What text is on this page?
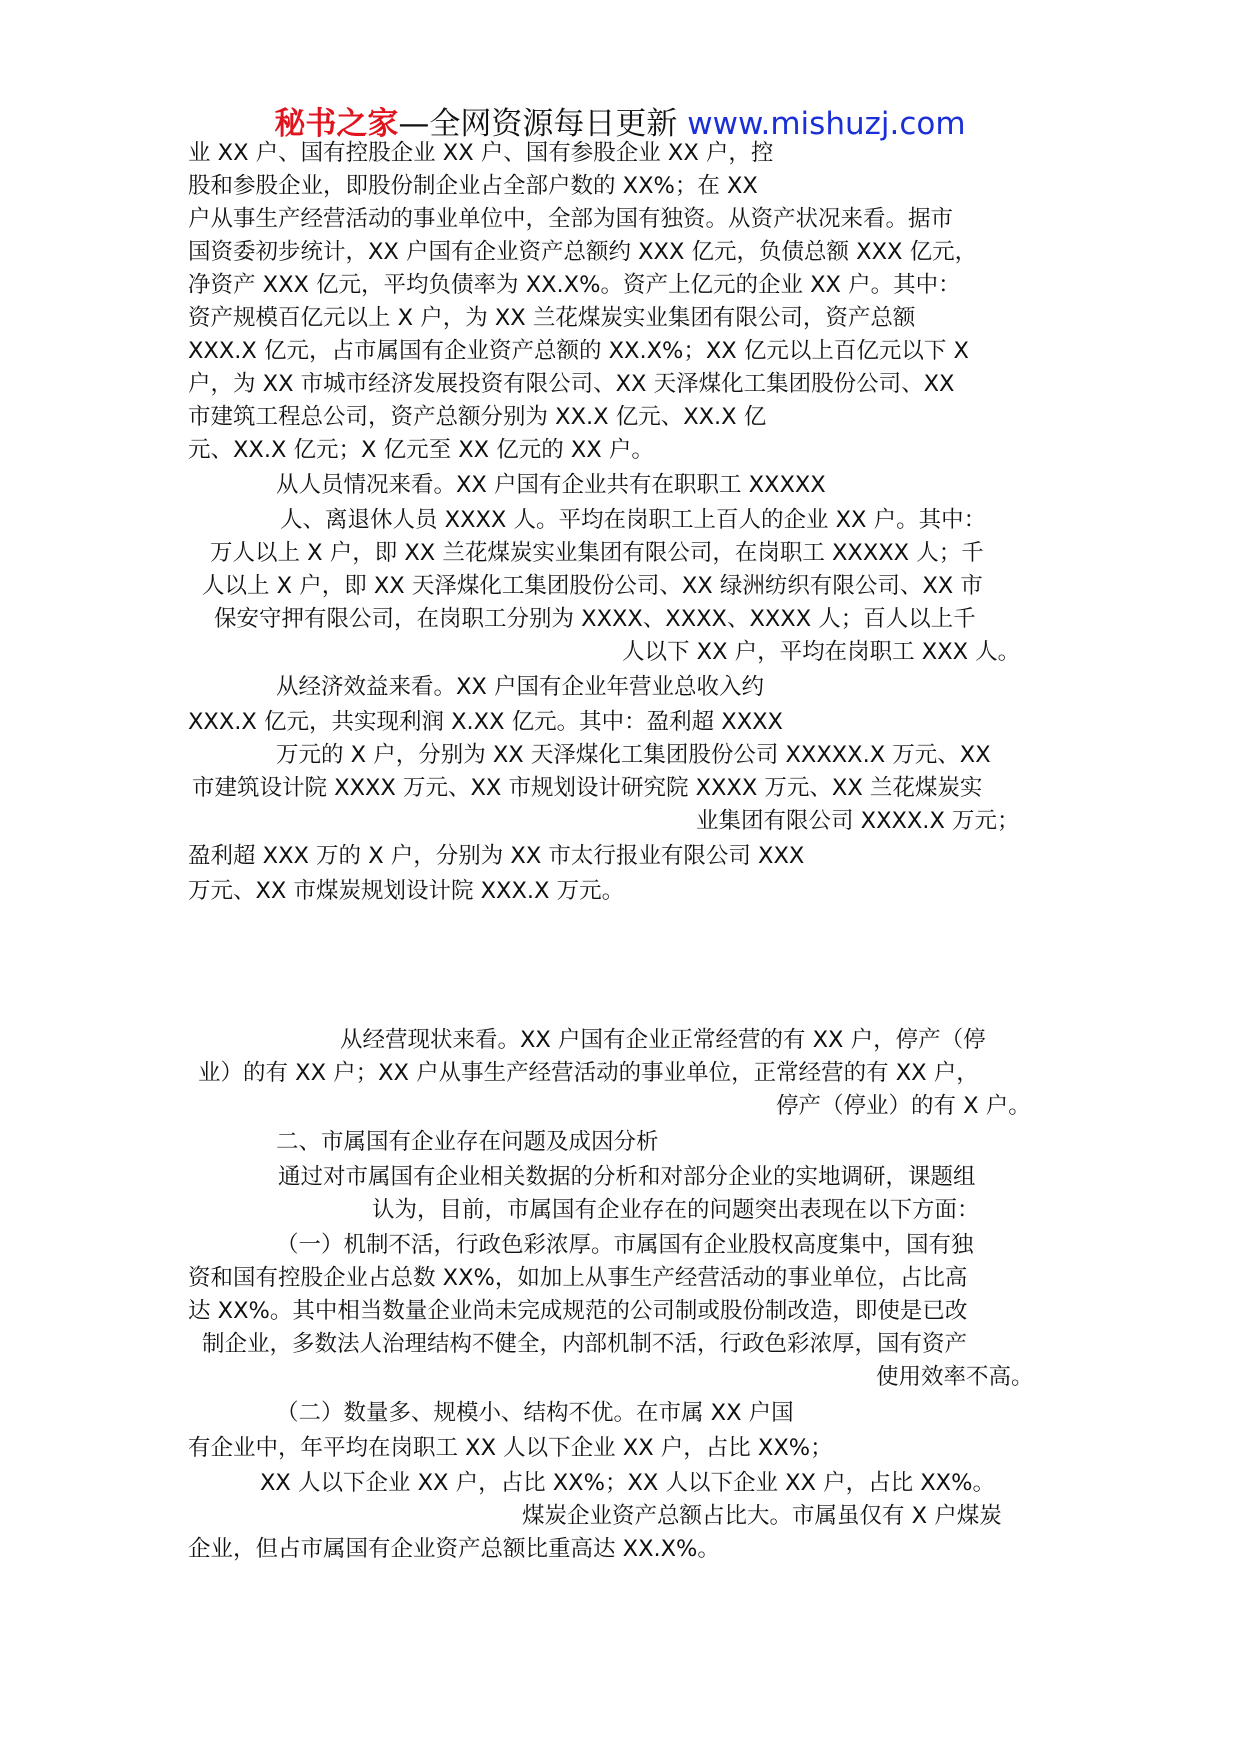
秘书之家—全网资源每日更新 www.mishuzj.com
业 XX 户、国有控股企业 XX 户、国有参股企业 XX 户，控
股和参股企业，即股份制企业占全部户数的 XX%；在 XX
户从事生产经营活动的事业单位中，全部为国有独资。从资产状况来看。据市
国资委初步统计，XX 户国有企业资产总额约 XXX 亿元，负债总额 XXX 亿元，
净资产 XXX 亿元，平均负债率为 XX.X%。资产上亿元的企业 XX 户。其中：
资产规模百亿元以上 X 户，为 XX 兰花煤炭实业集团有限公司，资产总额
XXX.X 亿元，占市属国有企业资产总额的 XX.X%；XX 亿元以上百亿元以下 X
户，为 XX 市城市经济发展投资有限公司、XX 天泽煤化工集团股份公司、XX
市建筑工程总公司，资产总额分别为 XX.X 亿元、XX.X 亿
元、XX.X 亿元；X 亿元至 XX 亿元的 XX 户。
从人员情况来看。XX 户国有企业共有在职职工 XXXXX
人、离退休人员 XXXX 人。平均在岗职工上百人的企业 XX 户。其中：
万人以上 X 户，即 XX 兰花煤炭实业集团有限公司，在岗职工 XXXXX 人；千
人以上 X 户，即 XX 天泽煤化工集团股份公司、XX 绿洲纺织有限公司、XX 市
保安守押有限公司，在岗职工分别为 XXXX、XXXX、XXXX 人；百人以上千
人以下 XX 户，平均在岗职工 XXX 人。
从经济效益来看。XX 户国有企业年营业总收入约
XXX.X 亿元，共实现利润 X.XX 亿元。其中：盈利超 XXXX
万元的 X 户，分别为 XX 天泽煤化工集团股份公司 XXXXX.X 万元、XX
市建筑设计院 XXXX 万元、XX 市规划设计研究院 XXXX 万元、XX 兰花煤炭实
业集团有限公司 XXXX.X 万元；
盈利超 XXX 万的 X 户，分别为 XX 市太行报业有限公司 XXX
万元、XX 市煤炭规划设计院 XXX.X 万元。
从经营现状来看。XX 户国有企业正常经营的有 XX 户，停产（停
业）的有 XX 户；XX 户从事生产经营活动的事业单位，正常经营的有 XX 户，
停产（停业）的有 X 户。
二、市属国有企业存在问题及成因分析
通过对市属国有企业相关数据的分析和对部分企业的实地调研，课题组
认为，目前，市属国有企业存在的问题突出表现在以下方面：
（一）机制不活，行政色彩浓厚。市属国有企业股权高度集中，国有独
资和国有控股企业占总数 XX%，如加上从事生产经营活动的事业单位，占比高
达 XX%。其中相当数量企业尚未完成规范的公司制或股份制改造，即使是已改
制企业，多数法人治理结构不健全，内部机制不活，行政色彩浓厚，国有资产
使用效率不高。
（二）数量多、规模小、结构不优。在市属 XX 户国
有企业中，年平均在岗职工 XX 人以下企业 XX 户，占比 XX%；
XX 人以下企业 XX 户，占比 XX%；XX 人以下企业 XX 户，占比 XX%。
煤炭企业资产总额占比大。市属虽仅有 X 户煤炭
企业，但占市属国有企业资产总额比重高达 XX.X%。
